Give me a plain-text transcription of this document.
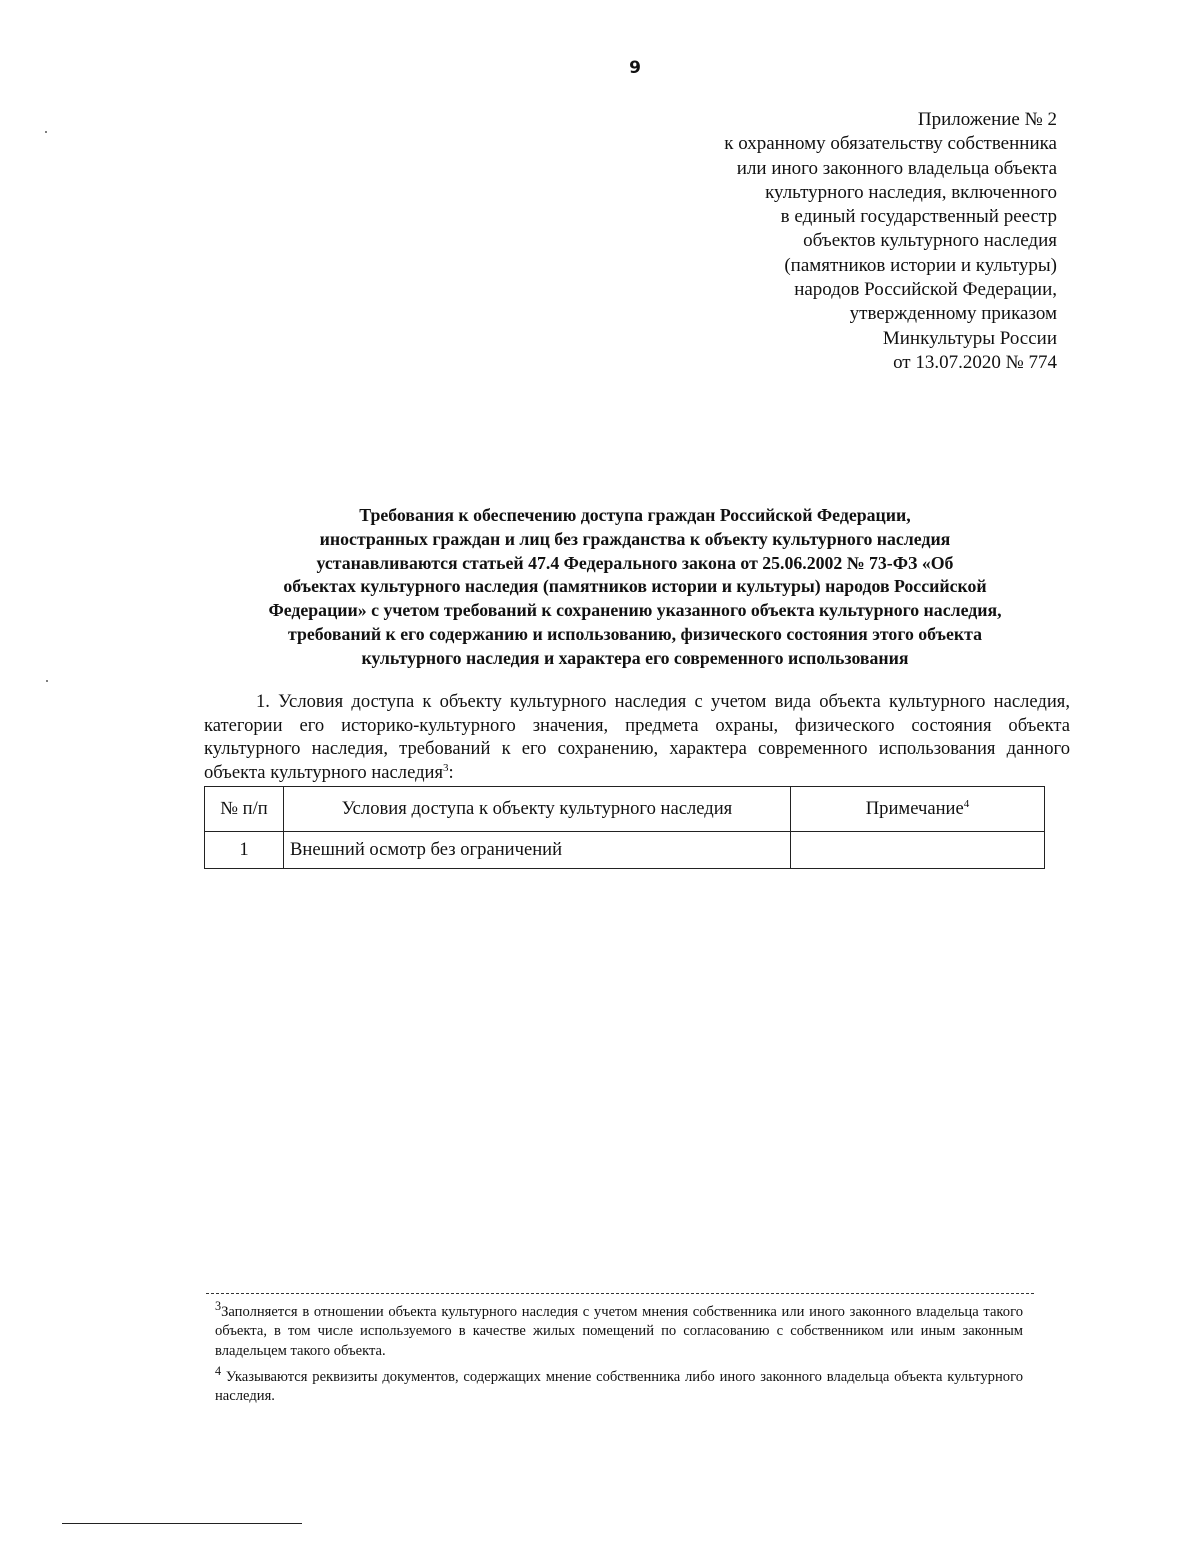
9
Приложение № 2
к охранному обязательству собственника
или иного законного владельца объекта
культурного наследия, включенного
в единый государственный реестр
объектов культурного наследия
(памятников истории и культуры)
народов Российской Федерации,
утвержденному приказом
Минкультуры России
от 13.07.2020 № 774
Требования к обеспечению доступа граждан Российской Федерации,
иностранных граждан и лиц без гражданства к объекту культурного наследия
устанавливаются статьей 47.4 Федерального закона от 25.06.2002 № 73-ФЗ «Об
объектах культурного наследия (памятников истории и культуры) народов Российской
Федерации» с учетом требований к сохранению указанного объекта культурного наследия,
требований к его содержанию и использованию, физического состояния этого объекта
культурного наследия и характера его современного использования
1. Условия доступа к объекту культурного наследия с учетом вида объекта культурного наследия, категории его историко-культурного значения, предмета охраны, физического состояния объекта культурного наследия, требований к его сохранению, характера современного использования данного объекта культурного наследия$^3$:
№ п/п	Условия доступа к объекту культурного наследия	Примечание$^4$
1	Внешний осмотр без ограничений	

$^3$Заполняется в отношении объекта культурного наследия с учетом мнения собственника или иного законного владельца такого объекта, в том числе используемого в качестве жилых помещений по согласованию с собственником или иным законным владельцем такого объекта.

$^4$ Указываются реквизиты документов, содержащих мнение собственника либо иного законного владельца объекта культурного наследия.
